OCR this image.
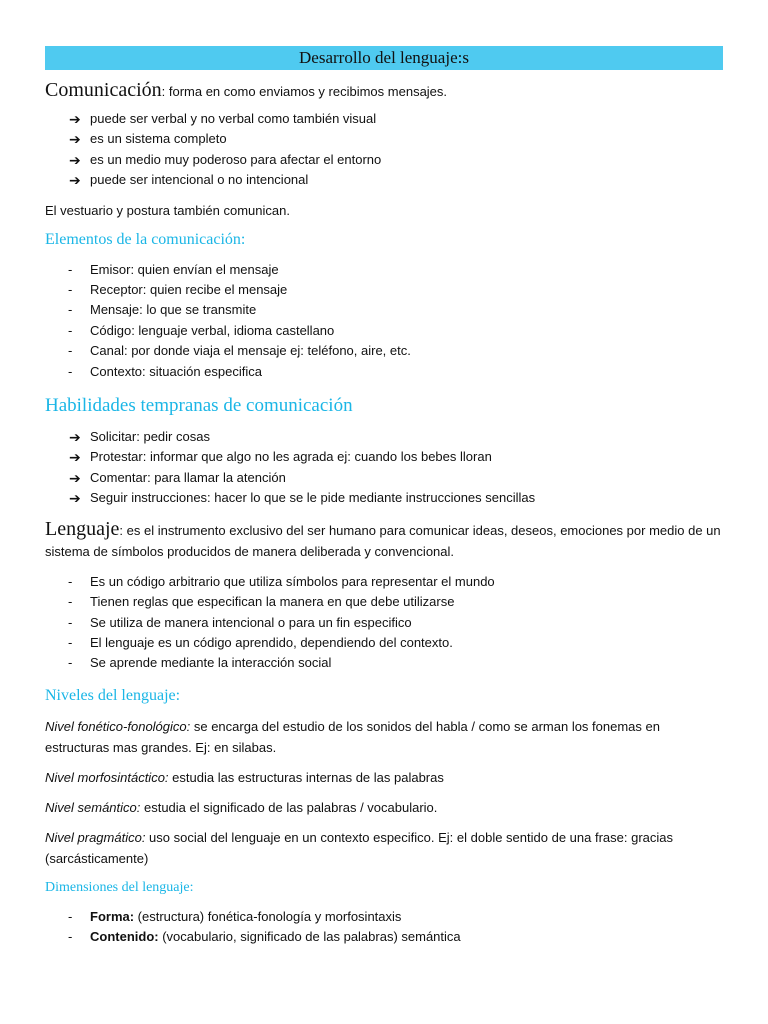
Desarrollo del lenguaje:s

Comunicación: forma en como enviamos y recibimos mensajes.

➔ puede ser verbal y no verbal como también visual
➔ es un sistema completo
➔ es un medio muy poderoso para afectar el entorno
➔ puede ser intencional o no intencional

El vestuario y postura también comunican.

Elementos de la comunicación:

- Emisor: quien envían el mensaje
- Receptor: quien recibe el mensaje
- Mensaje: lo que se transmite
- Código: lenguaje verbal, idioma castellano
- Canal: por donde viaja el mensaje ej: teléfono, aire, etc.
- Contexto: situación especifica

Habilidades tempranas de comunicación

➔ Solicitar: pedir cosas
➔ Protestar: informar que algo no les agrada ej: cuando los bebes lloran
➔ Comentar: para llamar la atención
➔ Seguir instrucciones: hacer lo que se le pide mediante instrucciones sencillas

Lenguaje: es el instrumento exclusivo del ser humano para comunicar ideas, deseos, emociones por medio de un sistema de símbolos producidos de manera deliberada y convencional.

- Es un código arbitrario que utiliza símbolos para representar el mundo
- Tienen reglas que especifican la manera en que debe utilizarse
- Se utiliza de manera intencional o para un fin especifico
- El lenguaje es un código aprendido, dependiendo del contexto.
- Se aprende mediante la interacción social

Niveles del lenguaje:

Nivel fonético-fonológico: se encarga del estudio de los sonidos del habla / como se arman los fonemas en estructuras mas grandes. Ej: en silabas.

Nivel morfosintáctico: estudia las estructuras internas de las palabras

Nivel semántico: estudia el significado de las palabras / vocabulario.

Nivel pragmático: uso social del lenguaje en un contexto especifico. Ej: el doble sentido de una frase: gracias (sarcásticamente)

Dimensiones del lenguaje:

- Forma: (estructura) fonética-fonología y morfosintaxis
- Contenido: (vocabulario, significado de las palabras) semántica
